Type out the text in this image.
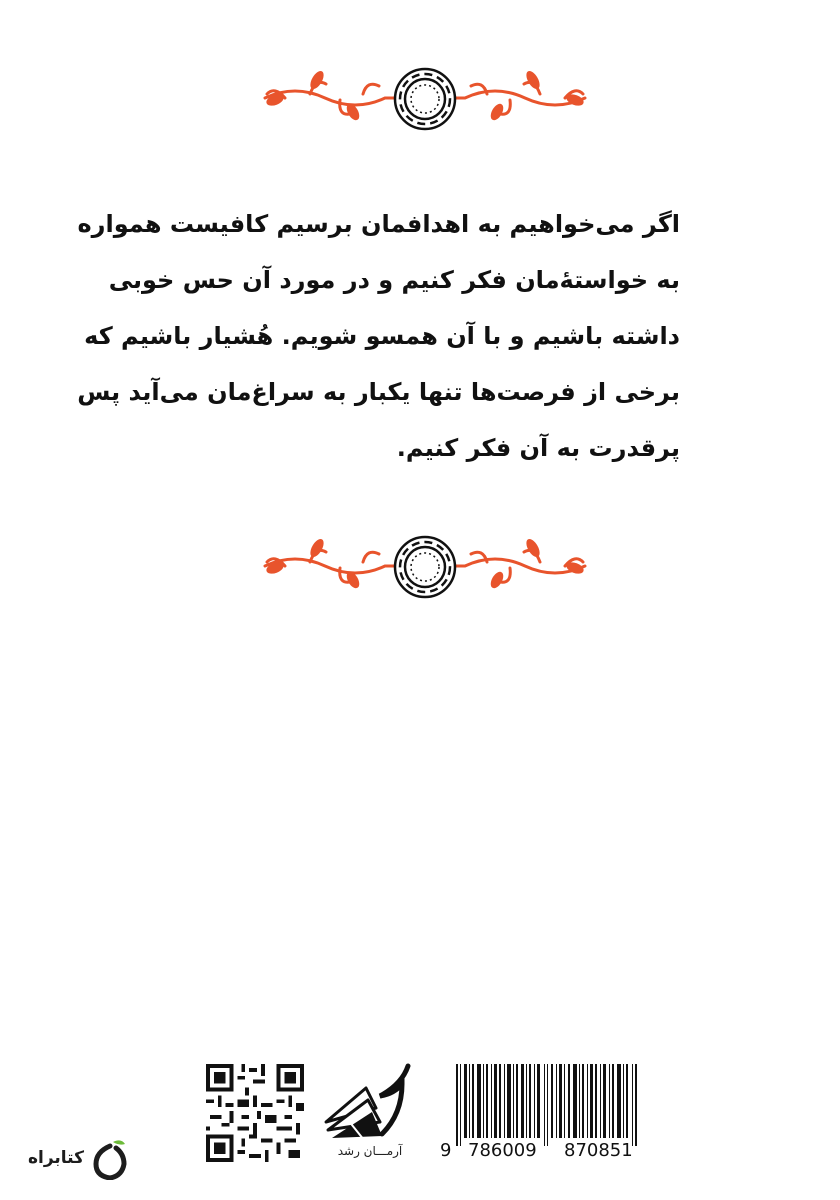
اگر می‌خواهیم به اهدافمان برسیم کافیست همواره
به خواستهٔ‌مان فکر کنیم و در مورد آن حس خوبی
داشته باشیم و با آن همسو شویم. هُشیار باشیم که
برخی از فرصت‌ها تنها یکبار به سراغ‌مان می‌آید پس
پرقدرت به آن فکر کنیم.
آرمـــان رشد	9 786009 870851
کتابراه
